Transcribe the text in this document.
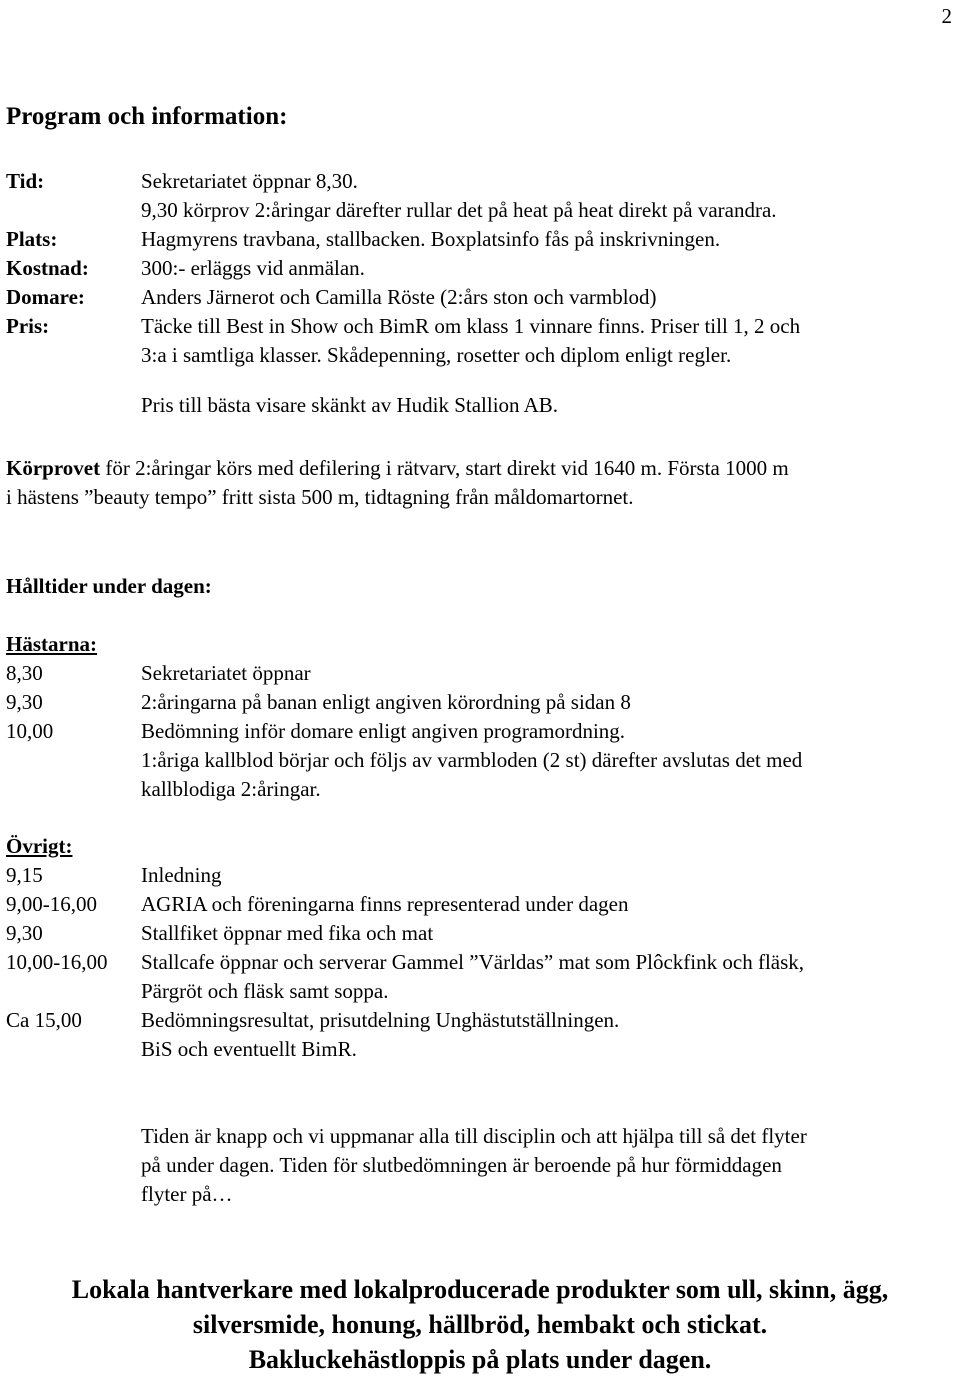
2
Program och information:
Tid:	Sekretariatet öppnar 8,30.
9,30 körprov 2:åringar därefter rullar det på heat på heat direkt på varandra.
Plats:	Hagmyrens travbana, stallbacken. Boxplatsinfo fås på inskrivningen.
Kostnad:	300:- erläggs vid anmälan.
Domare:	Anders Järnerot och Camilla Röste (2:års ston och varmblod)
Pris:	Täcke till Best in Show och BimR om klass 1 vinnare finns. Priser till 1, 2 och
3:a i samtliga klasser. Skådepenning, rosetter och diplom enligt regler.
Pris till bästa visare skänkt av Hudik Stallion AB.
Körprovet för 2:åringar körs med defilering i rätvarv, start direkt vid 1640 m. Första 1000 m
i hästens ”beauty tempo” fritt sista 500 m, tidtagning från måldomartornet.
Hålltider under dagen:
Hästarna:
8,30	Sekretariatet öppnar
9,30	2:åringarna på banan enligt angiven körordning på sidan 8
10,00	Bedömning inför domare enligt angiven programordning.
1:åriga kallblod börjar och följs av varmbloden (2 st) därefter avslutas det med
kallblodiga 2:åringar.
Övrigt:
9,15	Inledning
9,00-16,00	AGRIA och föreningarna finns representerad under dagen
9,30	Stallfiket öppnar med fika och mat
10,00-16,00	Stallcafe öppnar och serverar Gammel ”Världas” mat som Plôckfink och fläsk,
Pärgröt och fläsk samt soppa.
Ca 15,00	Bedömningsresultat, prisutdelning Unghästutställningen.
BiS och eventuellt BimR.
Tiden är knapp och vi uppmanar alla till disciplin och att hjälpa till så det flyter
på under dagen. Tiden för slutbedömningen är beroende på hur förmiddagen
flyter på…
Lokala hantverkare med lokalproducerade produkter som ull, skinn, ägg,
silversmide, honung, hällbröd, hembakt och stickat.
Bakluckehästloppis på plats under dagen.
